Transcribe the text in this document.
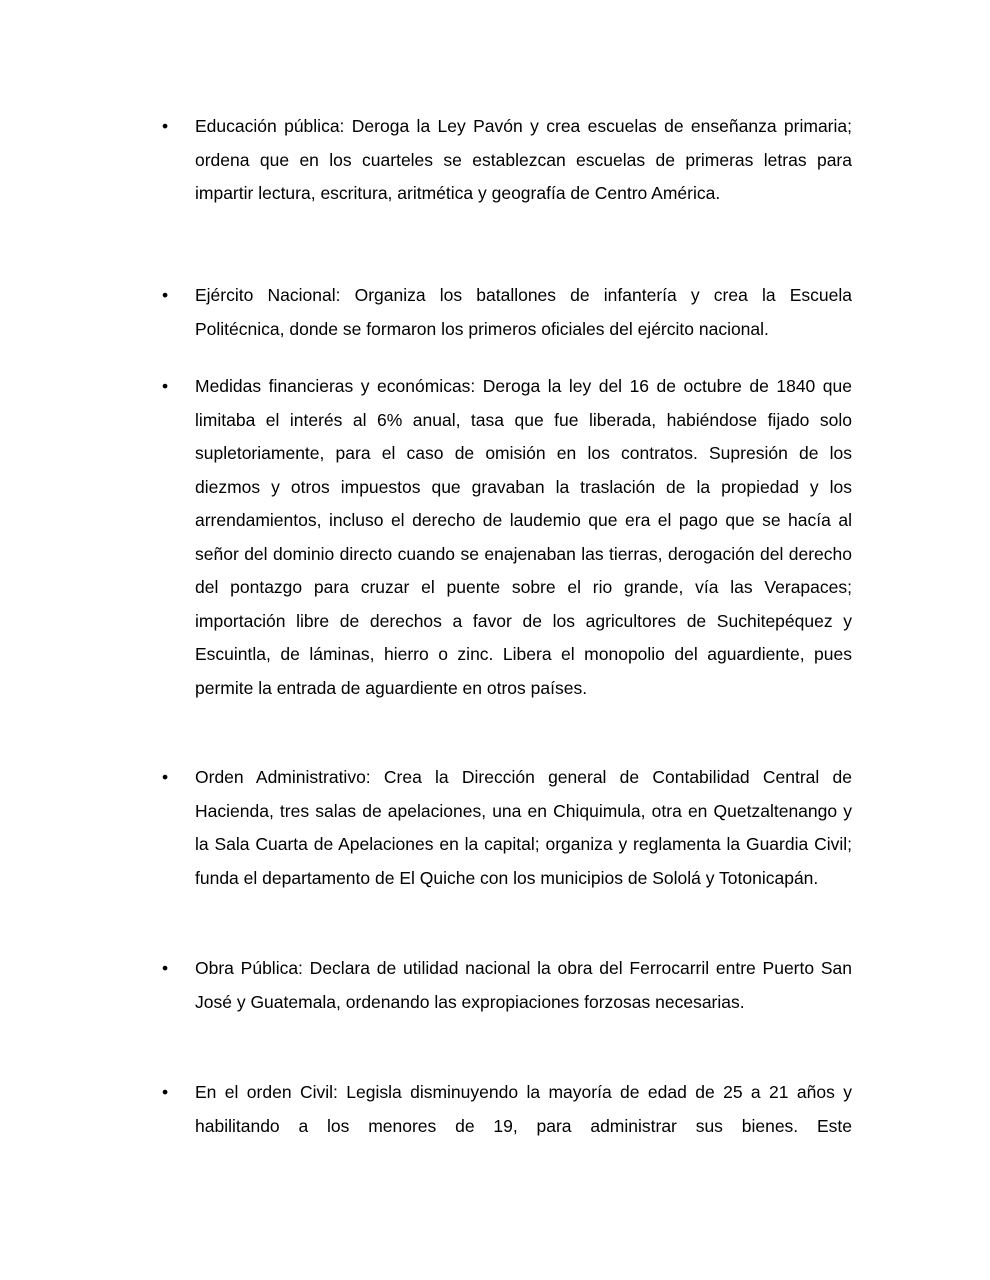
•	Educación pública: Deroga la Ley Pavón y crea escuelas de enseñanza primaria; ordena que en los cuarteles se establezcan escuelas de primeras letras para impartir lectura, escritura, aritmética y geografía de Centro América.
•	Ejército Nacional: Organiza los batallones de infantería y crea la Escuela Politécnica, donde se formaron los primeros oficiales del ejército nacional.
•	Medidas financieras y económicas: Deroga la ley del 16 de octubre de 1840 que limitaba el interés al 6% anual, tasa que fue liberada, habiéndose fijado solo supletoriamente, para el caso de omisión en los contratos. Supresión de los diezmos y otros impuestos que gravaban la traslación de la propiedad y los arrendamientos, incluso el derecho de laudemio que era el pago que se hacía al señor del dominio directo cuando se enajenaban las tierras, derogación del derecho del pontazgo para cruzar el puente sobre el rio grande, vía las Verapaces; importación libre de derechos a favor de los agricultores de Suchitepéquez y Escuintla, de láminas, hierro o zinc. Libera el monopolio del aguardiente, pues permite la entrada de aguardiente en otros países.
•	Orden Administrativo: Crea la Dirección general de Contabilidad Central de Hacienda, tres salas de apelaciones, una en Chiquimula, otra en Quetzaltenango y la Sala Cuarta de Apelaciones en la capital; organiza y reglamenta la Guardia Civil; funda el departamento de El Quiche con los municipios de Sololá y Totonicapán.
•	Obra Pública: Declara de utilidad nacional la obra del Ferrocarril entre Puerto San José y Guatemala, ordenando las expropiaciones forzosas necesarias.
•	En el orden Civil: Legisla disminuyendo la mayoría de edad de 25 a 21 años y habilitando a los menores de 19, para administrar sus bienes. Este
